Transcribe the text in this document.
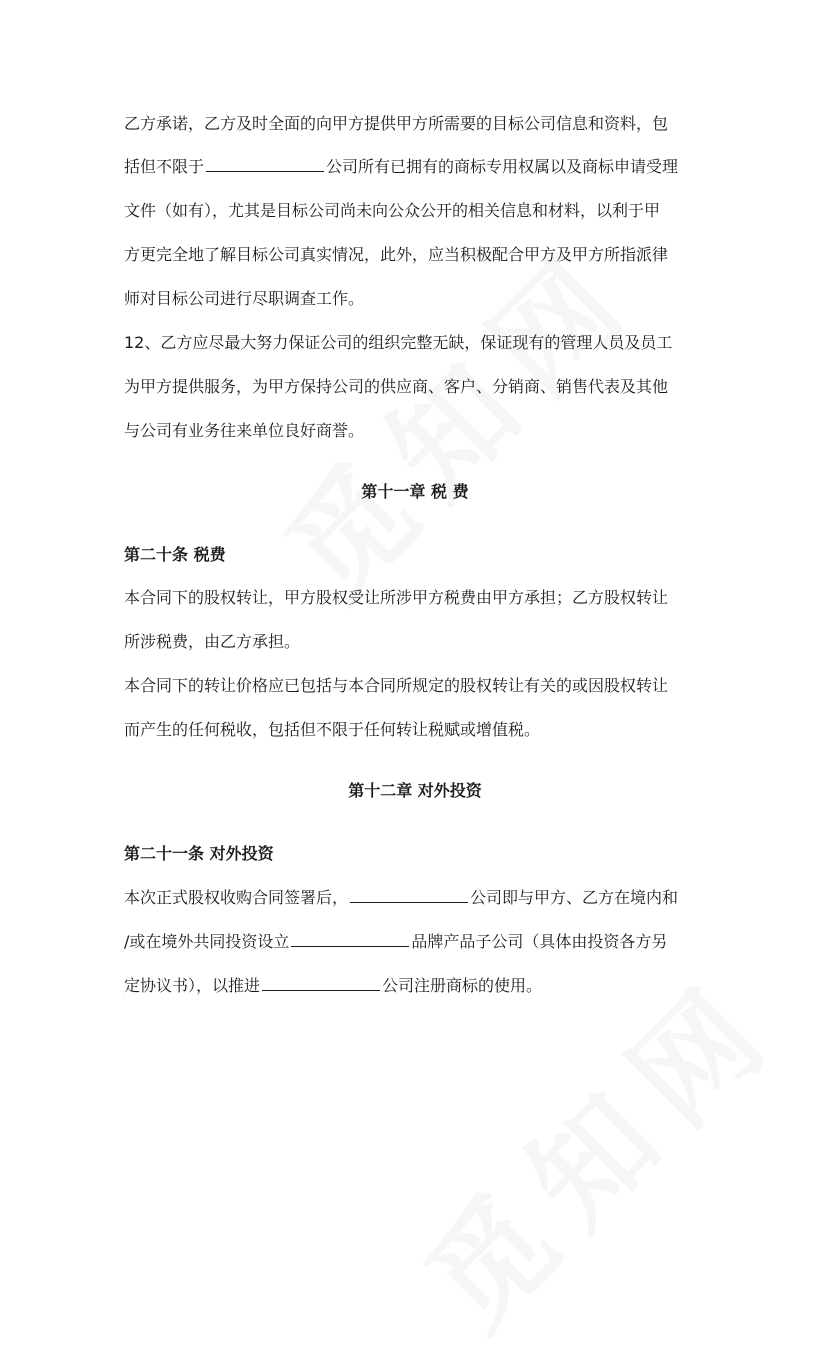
乙方承诺，乙方及时全面的向甲方提供甲方所需要的目标公司信息和资料，包

括但不限于	公司所有已拥有的商标专用权属以及商标申请受理

文件（如有），尤其是目标公司尚未向公众公开的相关信息和材料，以利于甲

方更完全地了解目标公司真实情况，此外，应当积极配合甲方及甲方所指派律

师对目标公司进行尽职调查工作。

12、乙方应尽最大努力保证公司的组织完整无缺，保证现有的管理人员及员工

为甲方提供服务，为甲方保持公司的供应商、客户、分销商、销售代表及其他

与公司有业务往来单位良好商誉。

第十一章 税 费

第二十条 税费

本合同下的股权转让，甲方股权受让所涉甲方税费由甲方承担；乙方股权转让

所涉税费，由乙方承担。

本合同下的转让价格应已包括与本合同所规定的股权转让有关的或因股权转让

而产生的任何税收，包括但不限于任何转让税赋或增值税。

第十二章 对外投资

第二十一条 对外投资

本次正式股权收购合同签署后，	公司即与甲方、乙方在境内和

/或在境外共同投资设立	品牌产品子公司（具体由投资各方另

定协议书），以推进	公司注册商标的使用。
